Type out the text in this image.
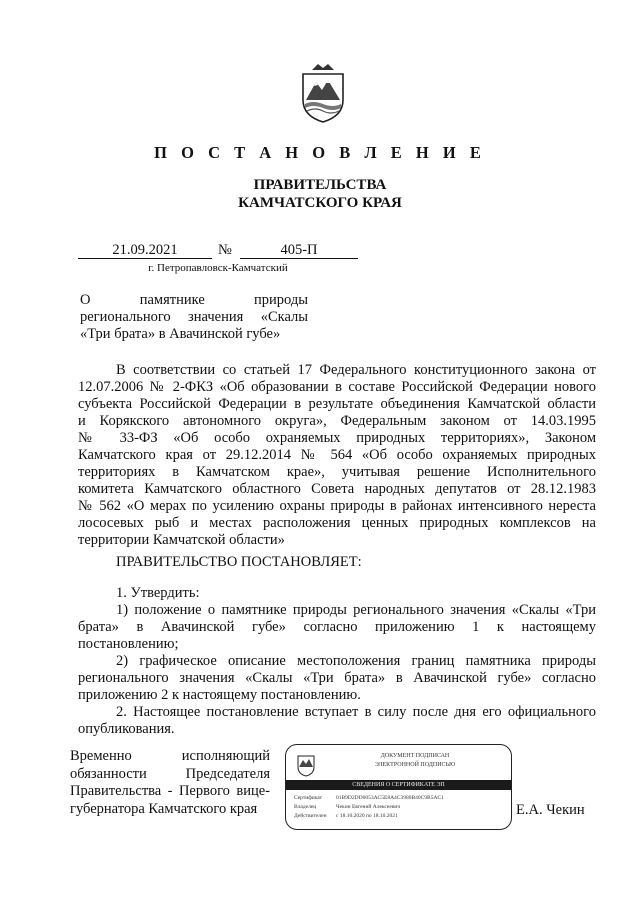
П О С Т А Н О В Л Е Н И Е
ПРАВИТЕЛЬСТВА
КАМЧАТСКОГО КРАЯ
21.09.2021	№	405-П
г. Петропавловск-Камчатский
О памятнике природы
регионального значения «Скалы
«Три брата» в Авачинской губе»
В соответствии со статьей 17 Федерального конституционного закона от
12.07.2006 № 2-ФКЗ «Об образовании в составе Российской Федерации нового
субъекта Российской Федерации в результате объединения Камчатской области
и Корякского автономного округа», Федеральным законом от 14.03.1995
№ 33-ФЗ «Об особо охраняемых природных территориях», Законом
Камчатского края от 29.12.2014 № 564 «Об особо охраняемых природных
территориях в Камчатском крае», учитывая решение Исполнительного
комитета Камчатского областного Совета народных депутатов от 28.12.1983
№ 562 «О мерах по усилению охраны природы в районах интенсивного нереста
лососевых рыб и местах расположения ценных природных комплексов на
территории Камчатской области»
ПРАВИТЕЛЬСТВО ПОСТАНОВЛЯЕТ:
1. Утвердить:
1) положение о памятнике природы регионального значения «Скалы «Три
брата» в Авачинской губе» согласно приложению 1 к настоящему
постановлению;
2) графическое описание местоположения границ памятника природы
регионального значения «Скалы «Три брата» в Авачинской губе» согласно
приложению 2 к настоящему постановлению.
2. Настоящее постановление вступает в силу после дня его официального
опубликования.
Временно исполняющий
обязанности Председателя
Правительства - Первого вице-
губернатора Камчатского края
ДОКУМЕНТ ПОДПИСАН
ЭЛЕКТРОННОЙ ПОДПИСЬЮ
СВЕДЕНИЯ О СЕРТИФИКАТЕ ЭП
Сертификат	01B9D2DD0053AC5E8A4C3980B40C9B5AC1
Владелец	Чекин Евгений Алексеевич
Действителен с 18.10.2020 по 18.10.2021	Е.А. Чекин
